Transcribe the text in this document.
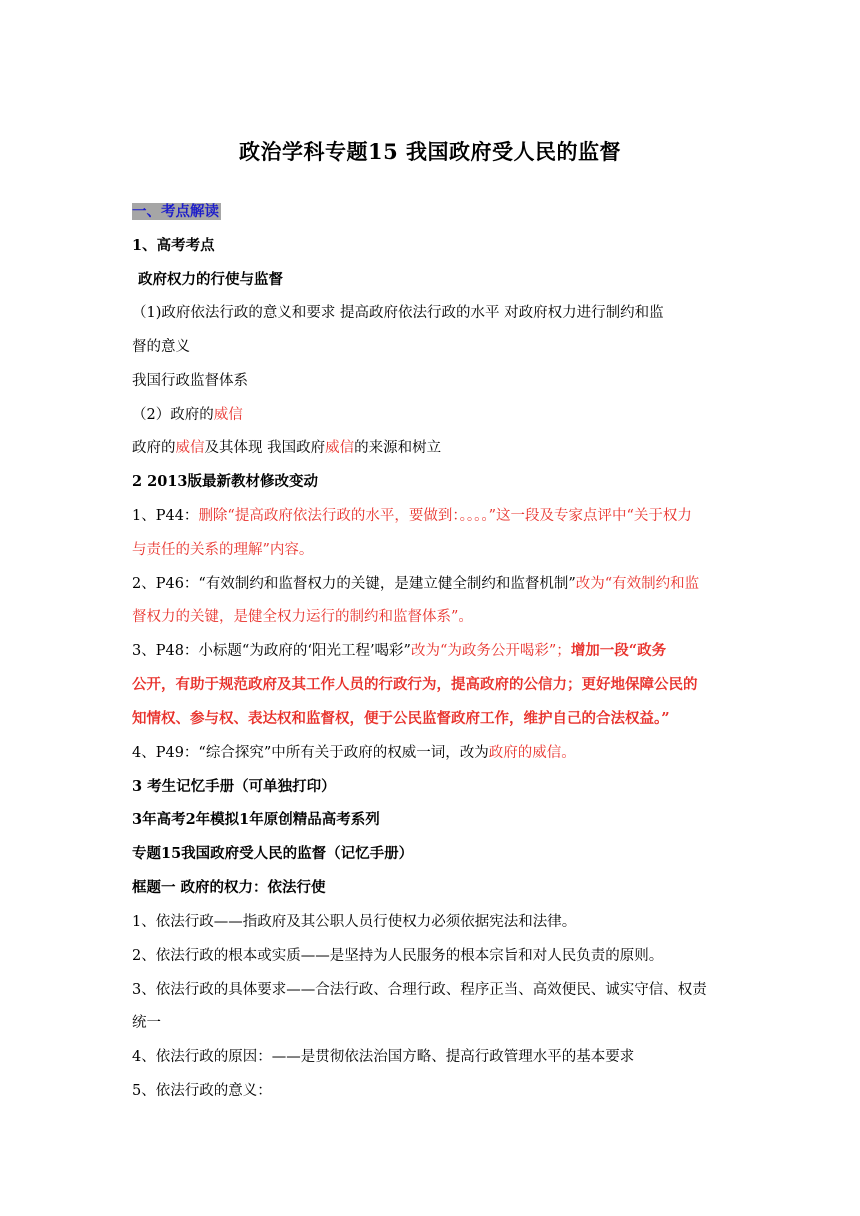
政治学科专题15 我国政府受人民的监督
一、考点解读
1、高考考点
政府权力的行使与监督
（1)政府依法行政的意义和要求 提高政府依法行政的水平 对政府权力进行制约和监
督的意义
我国行政监督体系
（2）政府的威信
政府的威信及其体现 我国政府威信的来源和树立
2 2013版最新教材修改变动
1、P44：删除“提高政府依法行政的水平，要做到：。。。。”这一段及专家点评中“关于权力
与责任的关系的理解”内容。
2、P46：“有效制约和监督权力的关键，是建立健全制约和监督机制”改为“有效制约和监
督权力的关键，是健全权力运行的制约和监督体系”。
3、P48：小标题“为政府的‘阳光工程’喝彩”改为“为政务公开喝彩”；增加一段“政务
公开，有助于规范政府及其工作人员的行政行为，提高政府的公信力；更好地保障公民的
知情权、参与权、表达权和监督权，便于公民监督政府工作，维护自己的合法权益。”
4、P49：“综合探究”中所有关于政府的权威一词，改为政府的威信。
3 考生记忆手册（可单独打印）
3年高考2年模拟1年原创精品高考系列
专题15我国政府受人民的监督（记忆手册）
框题一 政府的权力：依法行使
1、依法行政——指政府及其公职人员行使权力必须依据宪法和法律。
2、依法行政的根本或实质——是坚持为人民服务的根本宗旨和对人民负责的原则。
3、依法行政的具体要求——合法行政、合理行政、程序正当、高效便民、诚实守信、权责
统一
4、依法行政的原因：——是贯彻依法治国方略、提高行政管理水平的基本要求
5、依法行政的意义：
